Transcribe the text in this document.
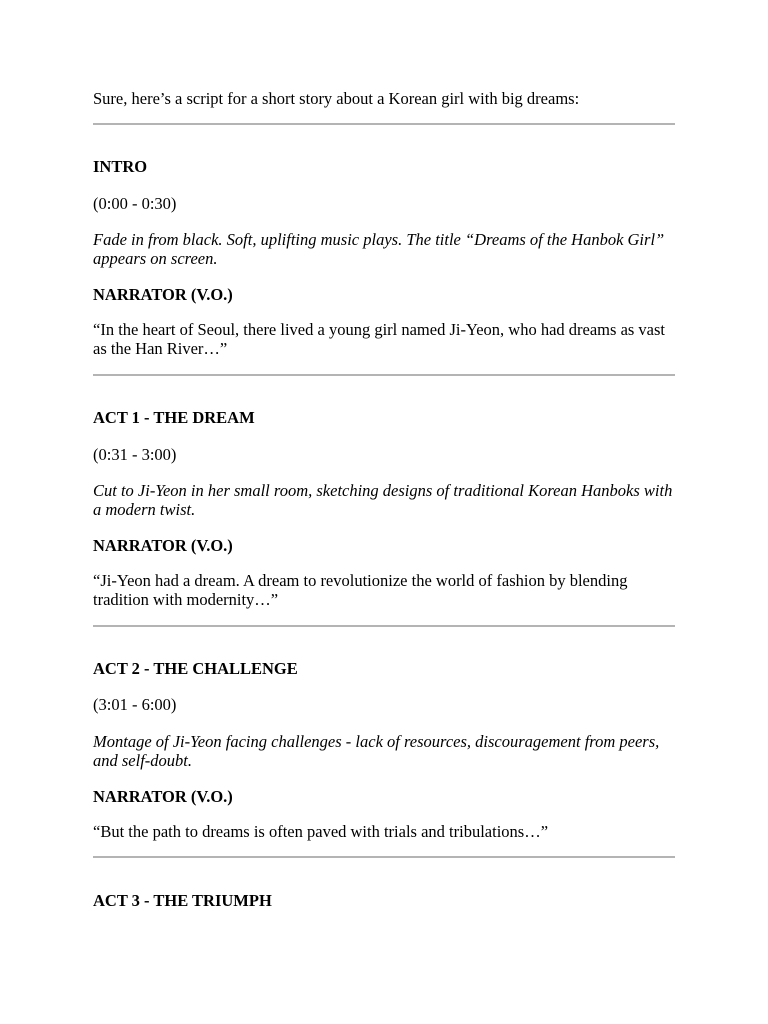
Sure, here’s a script for a short story about a Korean girl with big dreams:

INTRO

(0:00 - 0:30)

Fade in from black. Soft, uplifting music plays. The title “Dreams of the Hanbok Girl” appears on screen.

NARRATOR (V.O.)

“In the heart of Seoul, there lived a young girl named Ji-Yeon, who had dreams as vast as the Han River…”

ACT 1 - THE DREAM

(0:31 - 3:00)

Cut to Ji-Yeon in her small room, sketching designs of traditional Korean Hanboks with a modern twist.

NARRATOR (V.O.)

“Ji-Yeon had a dream. A dream to revolutionize the world of fashion by blending tradition with modernity…”

ACT 2 - THE CHALLENGE

(3:01 - 6:00)

Montage of Ji-Yeon facing challenges - lack of resources, discouragement from peers, and self-doubt.

NARRATOR (V.O.)

“But the path to dreams is often paved with trials and tribulations…”

ACT 3 - THE TRIUMPH
